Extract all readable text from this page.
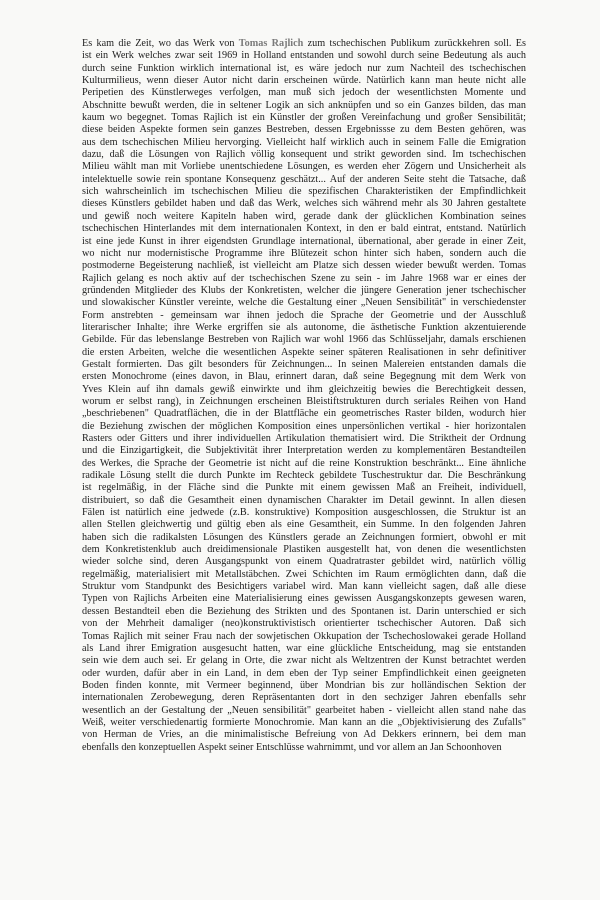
Es kam die Zeit, wo das Werk von Tomas Rajlich zum tschechischen Publikum zurückkehren soll. Es

ist ein Werk welches zwar seit 1969 in Holland entstanden und sowohl durch seine Bedeutung als auch

durch seine Funktion wirklich international ist, es wäre jedoch nur zum Nachteil des tschechischen

Kulturmilieus, wenn dieser Autor nicht darin erscheinen würde. Natürlich kann man heute nicht alle

Peripetien des Künstlerweges verfolgen, man muß sich jedoch der wesentlichsten Momente und

Abschnitte bewußt werden, die in seltener Logik an sich anknüpfen und so ein Ganzes bilden, das man

kaum wo begegnet. Tomas Rajlich ist ein Künstler der großen Vereinfachung und großer Sensibilität;

diese beiden Aspekte formen sein ganzes Bestreben, dessen Ergebnissse zu dem Besten gehören, was

aus dem tschechischen Milieu hervorging. Vielleicht half wirklich auch in seinem Falle die Emigration

dazu, daß die Lösungen von Rajlich völlig konsequent und strikt geworden sind. Im tschechischen

Milieu wählt man mit Vorliebe unentschiedene Lösungen, es werden eher Zögern und Unsicherheit als

intelektuelle sowie rein spontane Konsequenz geschätzt... Auf der anderen Seite steht die Tatsache, daß

sich wahrscheinlich im tschechischen Milieu die spezifischen Charakteristiken der Empfindlichkeit

dieses Künstlers gebildet haben und daß das Werk, welches sich während mehr als 30 Jahren gestaltete

und gewiß noch weitere Kapiteln haben wird, gerade dank der glücklichen Kombination seines

tschechischen Hinterlandes mit dem internationalen Kontext, in den er bald eintrat, entstand. Natürlich

ist eine jede Kunst in ihrer eigendsten Grundlage international, übernational, aber gerade in einer Zeit,

wo nicht nur modernistische Programme ihre Blütezeit schon hinter sich haben, sondern auch die

postmoderne Begeisterung nachließ, ist vielleicht am Platze sich dessen wieder bewußt werden. Tomas

Rajlich gelang es noch aktiv auf der tschechischen Szene zu sein - im Jahre 1968 war er eines der

gründenden Mitglieder des Klubs der Konkretisten, welcher die jüngere Generation jener tschechischer

und slowakischer Künstler vereinte, welche die Gestaltung einer „Neuen Sensibilität" in verschiedenster

Form anstrebten - gemeinsam war ihnen jedoch die Sprache der Geometrie und der Ausschluß

literarischer Inhalte; ihre Werke ergriffen sie als autonome, die ästhetische Funktion akzentuierende

Gebilde. Für das lebenslange Bestreben von Rajlich war wohl 1966 das Schlüsseljahr, damals erschienen

die ersten Arbeiten, welche die wesentlichen Aspekte seiner späteren Realisationen in sehr definitiver

Gestalt formierten. Das gilt besonders für Zeichnungen... In seinen Malereien entstanden damals die

ersten Monochrome (eines davon, in Blau, erinnert daran, daß seine Begegnung mit dem Werk von

Yves Klein auf ihn damals gewiß einwirkte und ihm gleichzeitig bewies die Berechtigkeit dessen,

worum er selbst rang), in Zeichnungen erscheinen Bleistiftstrukturen durch seriales Reihen von Hand

„beschriebenen" Quadratflächen, die in der Blattfläche ein geometrisches Raster bilden, wodurch hier

die Beziehung zwischen der möglichen Komposition eines unpersönlichen vertikal - hier horizontalen

Rasters oder Gitters und ihrer individuellen Artikulation thematisiert wird. Die Striktheit der Ordnung

und die Einzigartigkeit, die Subjektivität ihrer Interpretation werden zu komplementären Bestandteilen

des Werkes, die Sprache der Geometrie ist nicht auf die reine Konstruktion beschränkt... Eine ähnliche

radikale Lösung stellt die durch Punkte im Rechteck gebildete Tuschestruktur dar. Die Beschränkung

ist regelmäßig, in der Fläche sind die Punkte mit einem gewissen Maß an Freiheit, individuell,

distribuiert, so daß die Gesamtheit einen dynamischen Charakter im Detail gewinnt. In allen diesen

Fälen ist natürlich eine jedwede (z.B. konstruktive) Komposition ausgeschlossen, die Struktur ist an

allen Stellen gleichwertig und gültig eben als eine Gesamtheit, ein Summe. In den folgenden Jahren

haben sich die radikalsten Lösungen des Künstlers gerade an Zeichnungen formiert, obwohl er mit

dem Konkretistenklub auch dreidimensionale Plastiken ausgestellt hat, von denen die wesentlichsten

wieder solche sind, deren Ausgangspunkt von einem Quadratraster gebildet wird, natürlich völlig

regelmäßig, materialisiert mit Metallstäbchen. Zwei Schichten im Raum ermöglichten dann, daß die

Struktur vom Standpunkt des Besichtigers variabel wird. Man kann vielleicht sagen, daß alle diese

Typen von Rajlichs Arbeiten eine Materialisierung eines gewissen Ausgangskonzepts gewesen waren,

dessen Bestandteil eben die Beziehung des Strikten und des Spontanen ist. Darin unterschied er sich

von der Mehrheit damaliger (neo)konstruktivistisch orientierter tschechischer Autoren. Daß sich

Tomas Rajlich mit seiner Frau nach der sowjetischen Okkupation der Tschechoslowakei gerade Holland

als Land ihrer Emigration ausgesucht hatten, war eine glückliche Entscheidung, mag sie entstanden

sein wie dem auch sei. Er gelang in Orte, die zwar nicht als Weltzentren der Kunst betrachtet werden

oder wurden, dafür aber in ein Land, in dem eben der Typ seiner Empfindlichkeit einen geeigneten

Boden finden konnte, mit Vermeer beginnend, über Mondrian bis zur holländischen Sektion der

internationalen Zerobewegung, deren Repräsentanten dort in den sechziger Jahren ebenfalls sehr

wesentlich an der Gestaltung der „Neuen sensibilität" gearbeitet haben - vielleicht allen stand nahe das

Weiß, weiter verschiedenartig formierte Monochromie. Man kann an die „Objektivisierung des Zufalls"

von Herman de Vries, an die minimalistische Befreiung von Ad Dekkers erinnern, bei dem man

ebenfalls den konzeptuellen Aspekt seiner Entschlüsse wahrnimmt, und vor allem an Jan Schoonhoven
